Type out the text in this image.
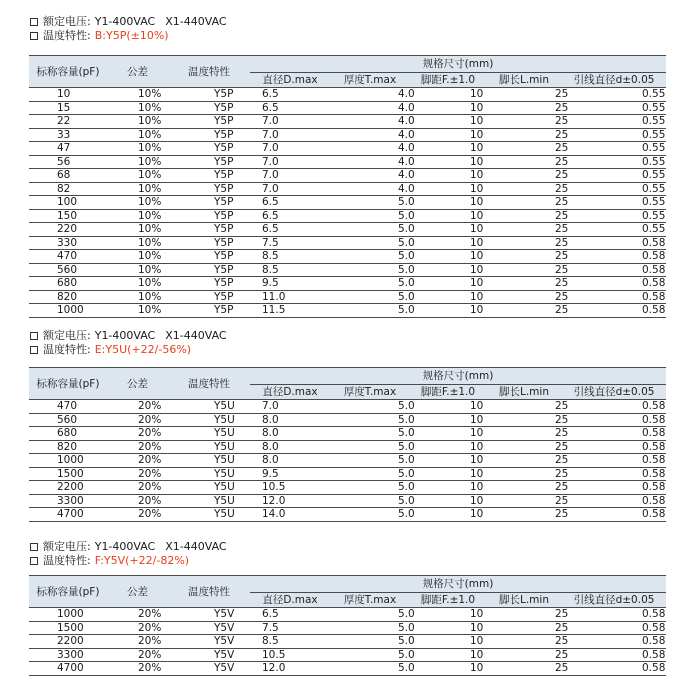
额定电压: Y1-400VAC X1-440VAC
温度特性: B:Y5P(±10%)
标称容量(pF)	公差	温度特性	规格尺寸(mm)				
			直径D.max	厚度T.max	脚距F.±1.0	脚长L.min	引线直径d±0.05
10	10%	Y5P	6.5	4.0	10	25	0.55
15	10%	Y5P	6.5	4.0	10	25	0.55
22	10%	Y5P	7.0	4.0	10	25	0.55
33	10%	Y5P	7.0	4.0	10	25	0.55
47	10%	Y5P	7.0	4.0	10	25	0.55
56	10%	Y5P	7.0	4.0	10	25	0.55
68	10%	Y5P	7.0	4.0	10	25	0.55
82	10%	Y5P	7.0	4.0	10	25	0.55
100	10%	Y5P	6.5	5.0	10	25	0.55
150	10%	Y5P	6.5	5.0	10	25	0.55
220	10%	Y5P	6.5	5.0	10	25	0.55
330	10%	Y5P	7.5	5.0	10	25	0.58
470	10%	Y5P	8.5	5.0	10	25	0.58
560	10%	Y5P	8.5	5.0	10	25	0.58
680	10%	Y5P	9.5	5.0	10	25	0.58
820	10%	Y5P	11.0	5.0	10	25	0.58
1000	10%	Y5P	11.5	5.0	10	25	0.58
额定电压: Y1-400VAC X1-440VAC
温度特性: E:Y5U(+22/-56%)
标称容量(pF)	公差	温度特性	规格尺寸(mm)				
			直径D.max	厚度T.max	脚距F.±1.0	脚长L.min	引线直径d±0.05
470	20%	Y5U	7.0	5.0	10	25	0.58
560	20%	Y5U	8.0	5.0	10	25	0.58
680	20%	Y5U	8.0	5.0	10	25	0.58
820	20%	Y5U	8.0	5.0	10	25	0.58
1000	20%	Y5U	8.0	5.0	10	25	0.58
1500	20%	Y5U	9.5	5.0	10	25	0.58
2200	20%	Y5U	10.5	5.0	10	25	0.58
3300	20%	Y5U	12.0	5.0	10	25	0.58
4700	20%	Y5U	14.0	5.0	10	25	0.58
额定电压: Y1-400VAC X1-440VAC
温度特性: F:Y5V(+22/-82%)
标称容量(pF)	公差	温度特性	规格尺寸(mm)				
			直径D.max	厚度T.max	脚距F.±1.0	脚长L.min	引线直径d±0.05
1000	20%	Y5V	6.5	5.0	10	25	0.58
1500	20%	Y5V	7.5	5.0	10	25	0.58
2200	20%	Y5V	8.5	5.0	10	25	0.58
3300	20%	Y5V	10.5	5.0	10	25	0.58
4700	20%	Y5V	12.0	5.0	10	25	0.58
